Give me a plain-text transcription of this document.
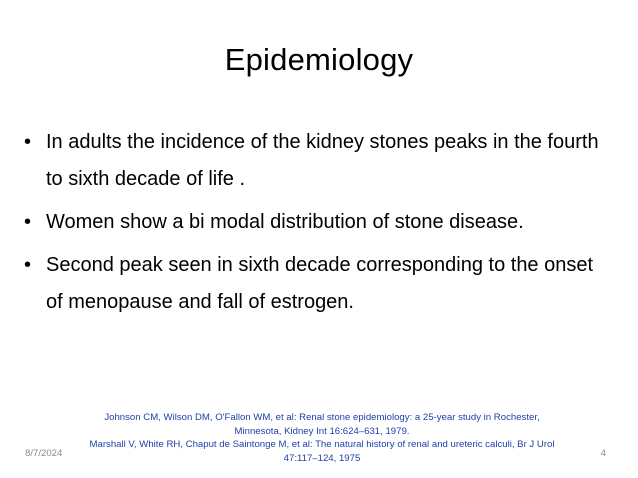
Epidemiology
• In adults the incidence of the kidney stones peaks in the fourth to sixth decade of life .
• Women show a bi modal distribution of stone disease.
• Second peak seen in sixth decade corresponding to the onset of menopause and fall of estrogen.
Johnson CM, Wilson DM, O'Fallon WM, et al: Renal stone epidemiology: a 25-year study in Rochester, Minnesota, Kidney Int 16:624–631, 1979.
Marshall V, White RH, Chaput de Saintonge M, et al: The natural history of renal and ureteric calculi, Br J Urol 47:117–124, 1975
8/7/2024	4
